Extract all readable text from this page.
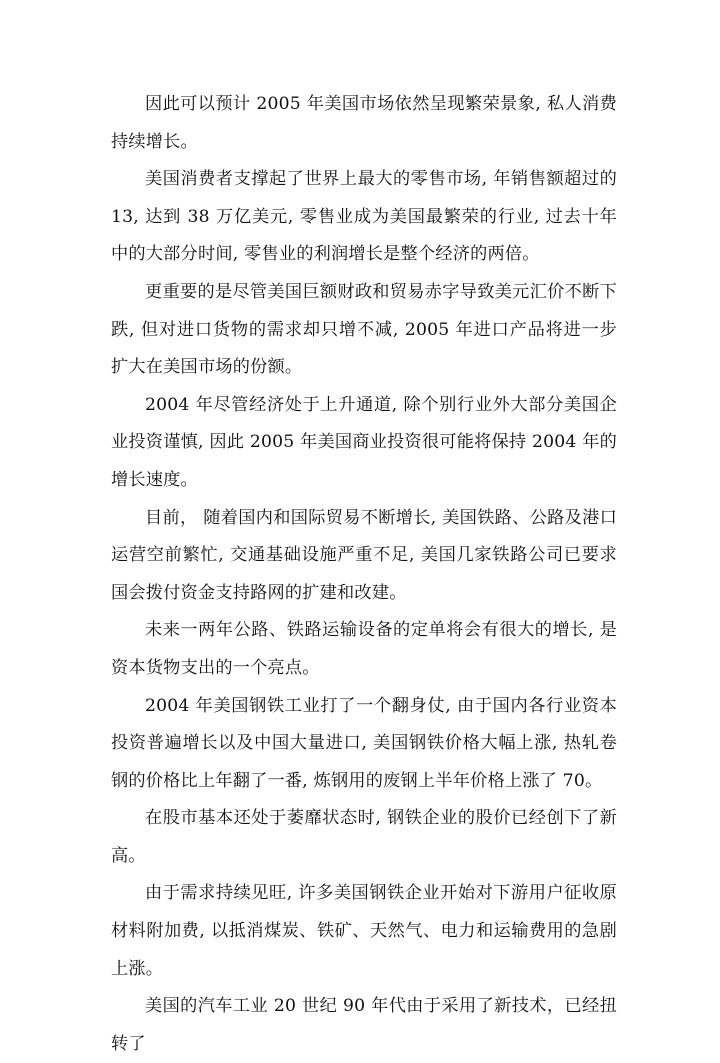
因此可以预计 2005 年美国市场依然呈现繁荣景象, 私人消费持续增长。

美国消费者支撑起了世界上最大的零售市场, 年销售额超过的 13, 达到 38 万亿美元, 零售业成为美国最繁荣的行业, 过去十年中的大部分时间, 零售业的利润增长是整个经济的两倍。

更重要的是尽管美国巨额财政和贸易赤字导致美元汇价不断下跌, 但对进口货物的需求却只增不减, 2005 年进口产品将进一步扩大在美国市场的份额。

2004 年尽管经济处于上升通道, 除个别行业外大部分美国企业投资谨慎, 因此 2005 年美国商业投资很可能将保持 2004 年的增长速度。

目前， 随着国内和国际贸易不断增长, 美国铁路、公路及港口运营空前繁忙, 交通基础设施严重不足, 美国几家铁路公司已要求国会拨付资金支持路网的扩建和改建。

未来一两年公路、铁路运输设备的定单将会有很大的增长, 是资本货物支出的一个亮点。

2004 年美国钢铁工业打了一个翻身仗, 由于国内各行业资本投资普遍增长以及中国大量进口, 美国钢铁价格大幅上涨, 热轧卷钢的价格比上年翻了一番, 炼钢用的废钢上半年价格上涨了 70。

在股市基本还处于萎靡状态时, 钢铁企业的股价已经创下了新高。

由于需求持续见旺, 许多美国钢铁企业开始对下游用户征收原材料附加费, 以抵消煤炭、铁矿、天然气、电力和运输费用的急剧上涨。

美国的汽车工业 20 世纪 90 年代由于采用了新技术，已经扭转了
